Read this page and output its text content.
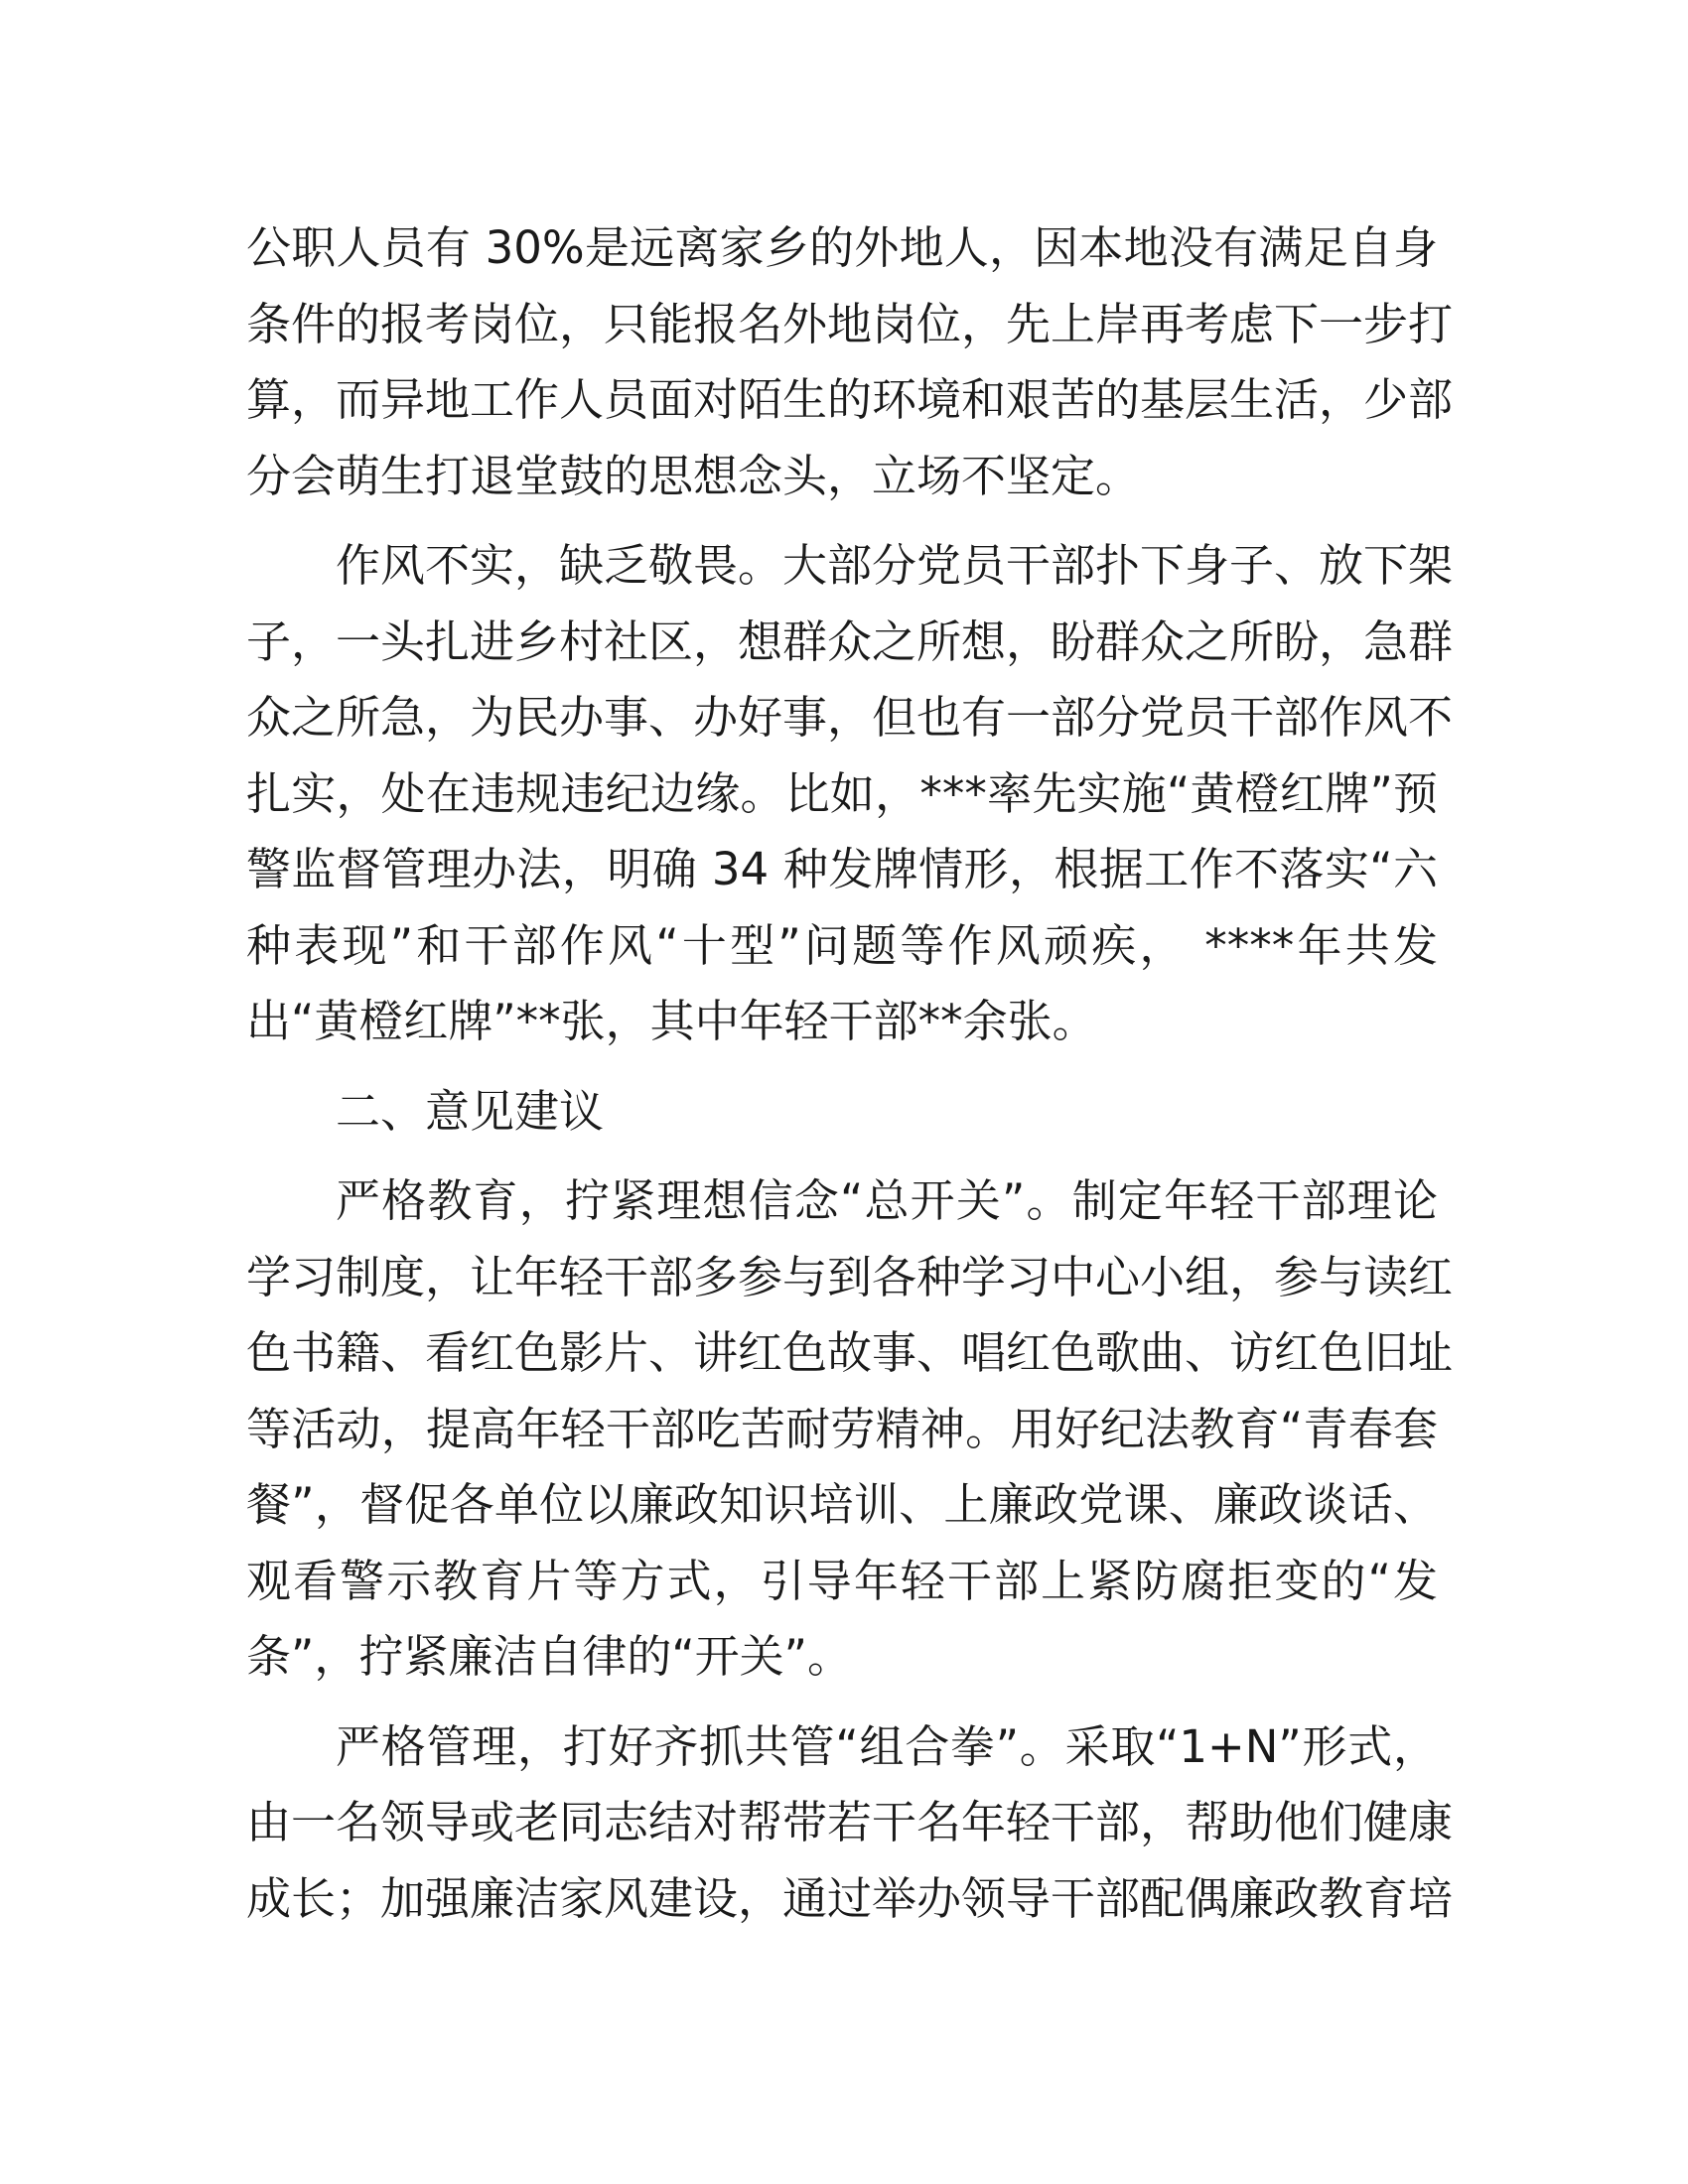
公职人员有 30%是远离家乡的外地人，因本地没有满足自身
条件的报考岗位，只能报名外地岗位，先上岸再考虑下一步打
算，而异地工作人员面对陌生的环境和艰苦的基层生活，少部
分会萌生打退堂鼓的思想念头，立场不坚定。
作风不实，缺乏敬畏。大部分党员干部扑下身子、放下架
子，一头扎进乡村社区，想群众之所想，盼群众之所盼，急群
众之所急，为民办事、办好事，但也有一部分党员干部作风不
扎实，处在违规违纪边缘。比如，***率先实施“黄橙红牌”预
警监督管理办法，明确 34 种发牌情形，根据工作不落实“六
种表现”和干部作风“十型”问题等作风顽疾， ****年共发
出“黄橙红牌”**张，其中年轻干部**余张。
二、意见建议
严格教育，拧紧理想信念“总开关”。制定年轻干部理论
学习制度，让年轻干部多参与到各种学习中心小组，参与读红
色书籍、看红色影片、讲红色故事、唱红色歌曲、访红色旧址
等活动，提高年轻干部吃苦耐劳精神。用好纪法教育“青春套
餐”，督促各单位以廉政知识培训、上廉政党课、廉政谈话、
观看警示教育片等方式，引导年轻干部上紧防腐拒变的“发
条”，拧紧廉洁自律的“开关”。
严格管理，打好齐抓共管“组合拳”。采取“1+N”形式，
由一名领导或老同志结对帮带若干名年轻干部，帮助他们健康
成长；加强廉洁家风建设，通过举办领导干部配偶廉政教育培
